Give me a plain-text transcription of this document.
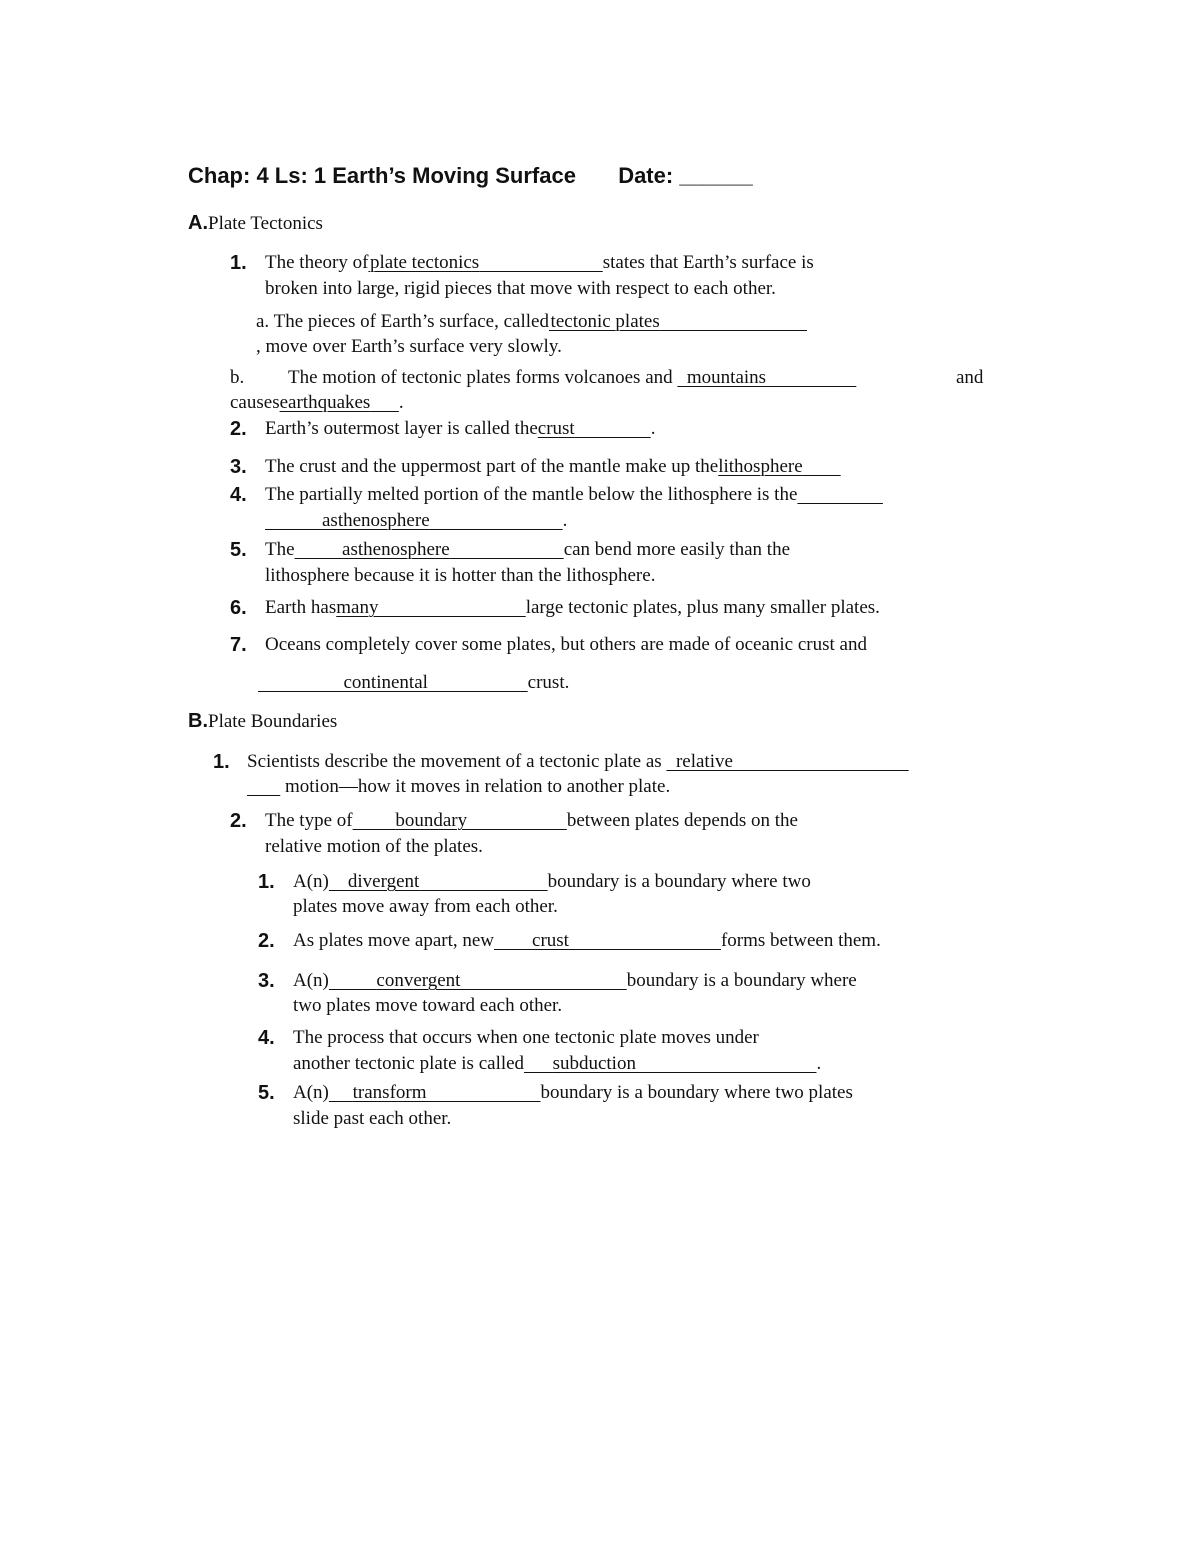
Chap: 4 Ls: 1 Earth’s Moving Surface Date: ______
A.Plate Tectonics
1. The theory of plate tectonics	states that Earth’s surface is
broken into large, rigid pieces that move with respect to each other.
a. The pieces of Earth’s surface, called tectonic plates
, move over Earth’s surface very slowly.
b. The motion of tectonic plates forms volcanoes and mountains	and
causesearthquakes .
2. Earth’s outermost layer is called thecrust	.
3. The crust and the uppermost part of the mantle make up thelithosphere
4. The partially melted portion of the mantle below the lithosphere is the
asthenosphere	.
5. The	asthenosphere	can bend more easily than the
lithosphere because it is hotter than the lithosphere.
6. Earth hasmany	large tectonic plates, plus many smaller plates.
7. Oceans completely cover some plates, but others are made of oceanic crust and
continental	crust.
B.Plate Boundaries
1. Scientists describe the movement of a tectonic plate as relative
motion—how it moves in relation to another plate.
2. The type of boundary	between plates depends on the
relative motion of the plates.
1. A(n) divergent	boundary is a boundary where two
plates move away from each other.
2. As plates move apart, new crust	forms between them.
3. A(n)	convergent	boundary is a boundary where
two plates move toward each other.
4. The process that occurs when one tectonic plate moves under
another tectonic plate is called subduction	.
5. A(n) transform	boundary is a boundary where two plates
slide past each other.
